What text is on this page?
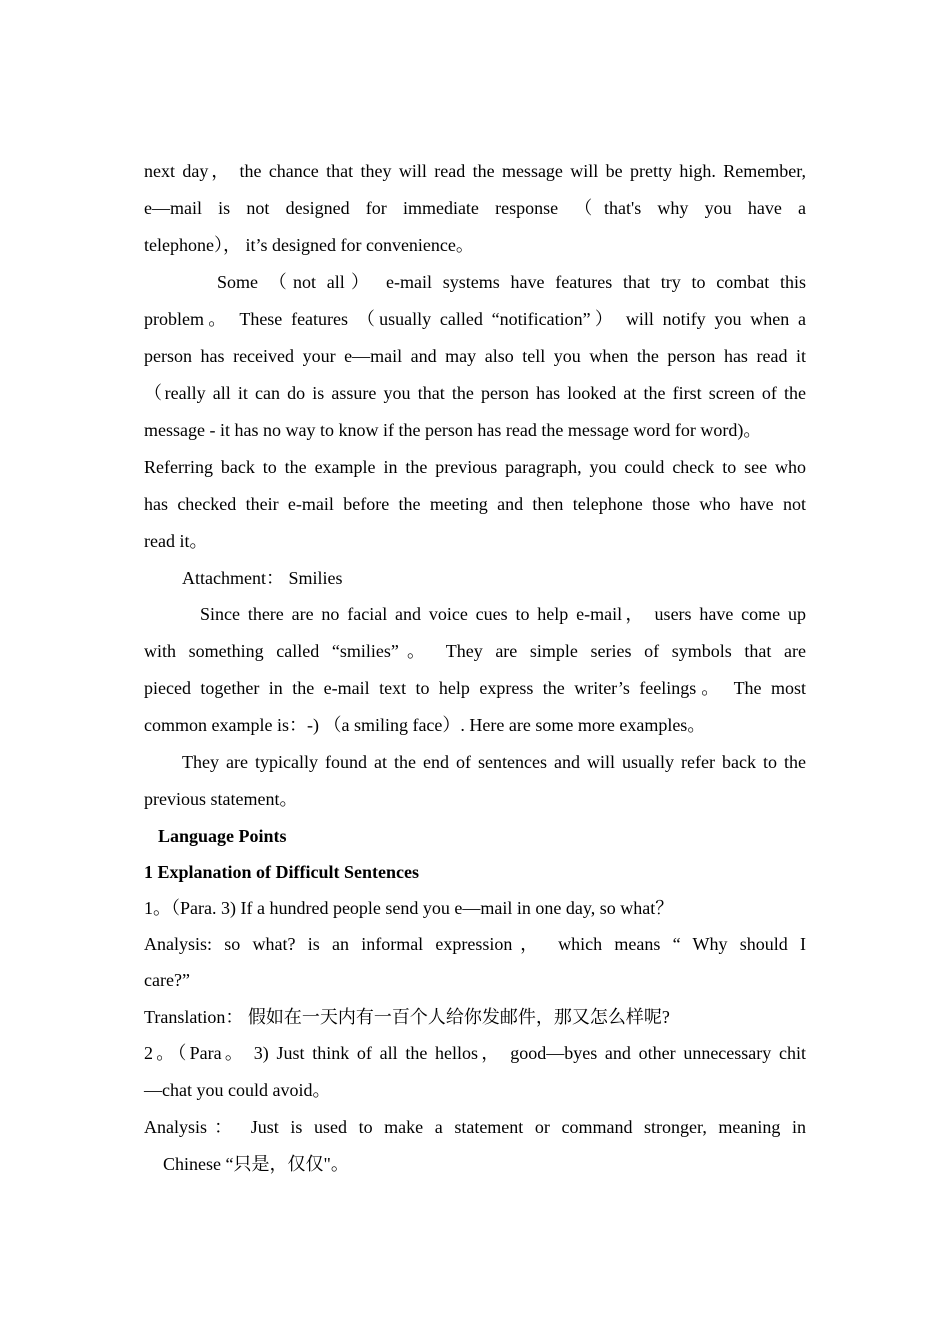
next day， the chance that they will read the message will be pretty high. Remember,
e—mail is not designed for immediate response （that's why you have a
telephone）， it’s designed for convenience。
Some （not all） e-mail systems have features that try to combat this
problem。 These features （usually called “notification”） will notify you when a
person has received your e—mail and may also tell you when the person has read it
（really all it can do is assure you that the person has looked at the first screen of the
message - it has no way to know if the person has read the message word for word)。
Referring back to the example in the previous paragraph, you could check to see who
has checked their e-mail before the meeting and then telephone those who have not
read it。
Attachment： Smilies
Since there are no facial and voice cues to help e-mail， users have come up
with something called “smilies”。 They are simple series of symbols that are
pieced together in the e-mail text to help express the writer’s feelings。 The most
common example is：-) （a smiling face）. Here are some more examples。
They are typically found at the end of sentences and will usually refer back to the
previous statement。
Language Points
1 Explanation of Difficult Sentences
1。（Para. 3) If a hundred people send you e—mail in one day, so what？
Analysis: so what? is an informal expression， which means “ Why should I
care?”
Translation： 假如在一天内有一百个人给你发邮件，那又怎么样呢?
2。（Para。 3) Just think of all the hellos， good—byes and other unnecessary chit
—chat you could avoid。
Analysis： Just is used to make a statement or command stronger, meaning in
Chinese “只是，仅仅"。
